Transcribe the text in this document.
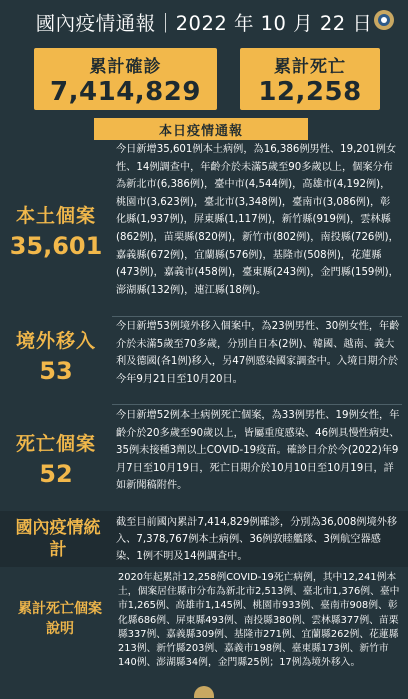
國內疫情通報｜2022 年 10 月 22 日
累計確診
7,414,829
累計死亡
12,258
本日疫情通報
本土個案
35,601
今日新增35,601例本土病例，為16,386例男性、19,201例女性、14例調查中，年齡介於未滿5歲至90多歲以上，個案分布為新北市(6,386例)，臺中市(4,544例)，高雄市(4,192例)，桃園市(3,623例)，臺北市(3,348例)，臺南市(3,086例)，彰化縣(1,937例)，屏東縣(1,117例)，新竹縣(919例)，雲林縣(862例)，苗栗縣(820例)，新竹市(802例)，南投縣(726例)，嘉義縣(672例)，宜蘭縣(576例)，基隆市(508例)，花蓮縣(473例)，嘉義市(458例)，臺東縣(243例)，金門縣(159例)，澎湖縣(132例)，連江縣(18例)。
境外移入
53
今日新增53例境外移入個案中，為23例男性、30例女性，年齡介於未滿5歲至70多歲，分別自日本(2例)、韓國、越南、義大利及德國(各1例)移入，另47例感染國家調查中。入境日期介於今年9月21日至10月20日。
死亡個案
52
今日新增52例本土病例死亡個案，為33例男性、19例女性，年齡介於20多歲至90歲以上，皆屬重度感染、46例具慢性病史、35例未接種3劑以上COVID-19疫苗。確診日介於今(2022)年9月7日至10月19日，死亡日期介於10月10日至10月19日，詳如新聞稿附件。
國內疫情統計
截至目前國內累計7,414,829例確診，分別為36,008例境外移入、7,378,767例本土病例、36例敦睦艦隊、3例航空器感染、1例不明及14例調查中。
累計死亡個案
說明
2020年起累計12,258例COVID-19死亡病例，其中12,241例本土，個案居住縣市分布為新北市2,513例、臺北市1,376例、臺中市1,265例、高雄市1,145例、桃園市933例、臺南市908例、彰化縣686例、屏東縣493例、南投縣380例、雲林縣377例、苗栗縣337例、嘉義縣309例、基隆市271例、宜蘭縣262例、花蓮縣213例、新竹縣203例、嘉義市198例、臺東縣173例、新竹市140例、澎湖縣34例，金門縣25例；17例為境外移入。
